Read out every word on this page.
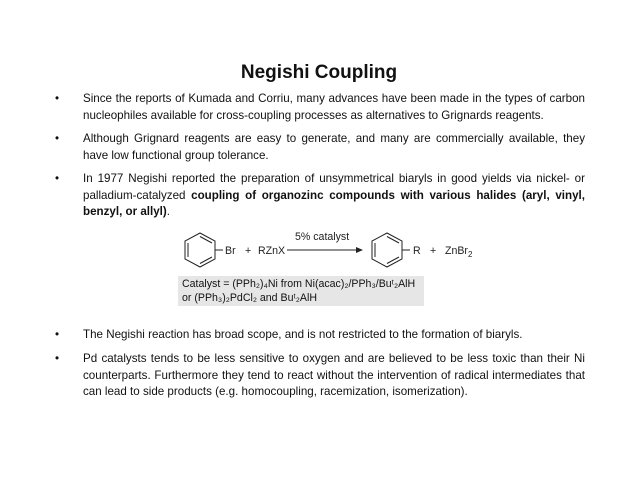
Negishi Coupling
• Since the reports of Kumada and Corriu, many advances have been made in the types of carbon nucleophiles available for cross-coupling processes as alternatives to Grignards reagents.
• Although Grignard reagents are easy to generate, and many are commercially available, they have low functional group tolerance.
• In 1977 Negishi reported the preparation of unsymmetrical biaryls in good yields via nickel- or palladium-catalyzed coupling of organozinc compounds with various halides (aryl, vinyl, benzyl, or allyl).
Br + RZnX
5% catalyst
R + ZnBr$_2$
Catalyst = (PPh₂)₄Ni from Ni(acac)₂/PPh₃/Buᵗ₂AlH
or (PPh₃)₂PdCl₂ and Buᵗ₂AlH
• The Negishi reaction has broad scope, and is not restricted to the formation of biaryls.
• Pd catalysts tends to be less sensitive to oxygen and are believed to be less toxic than their Ni counterparts. Furthermore they tend to react without the intervention of radical intermediates that can lead to side products (e.g. homocoupling, racemization, isomerization).
